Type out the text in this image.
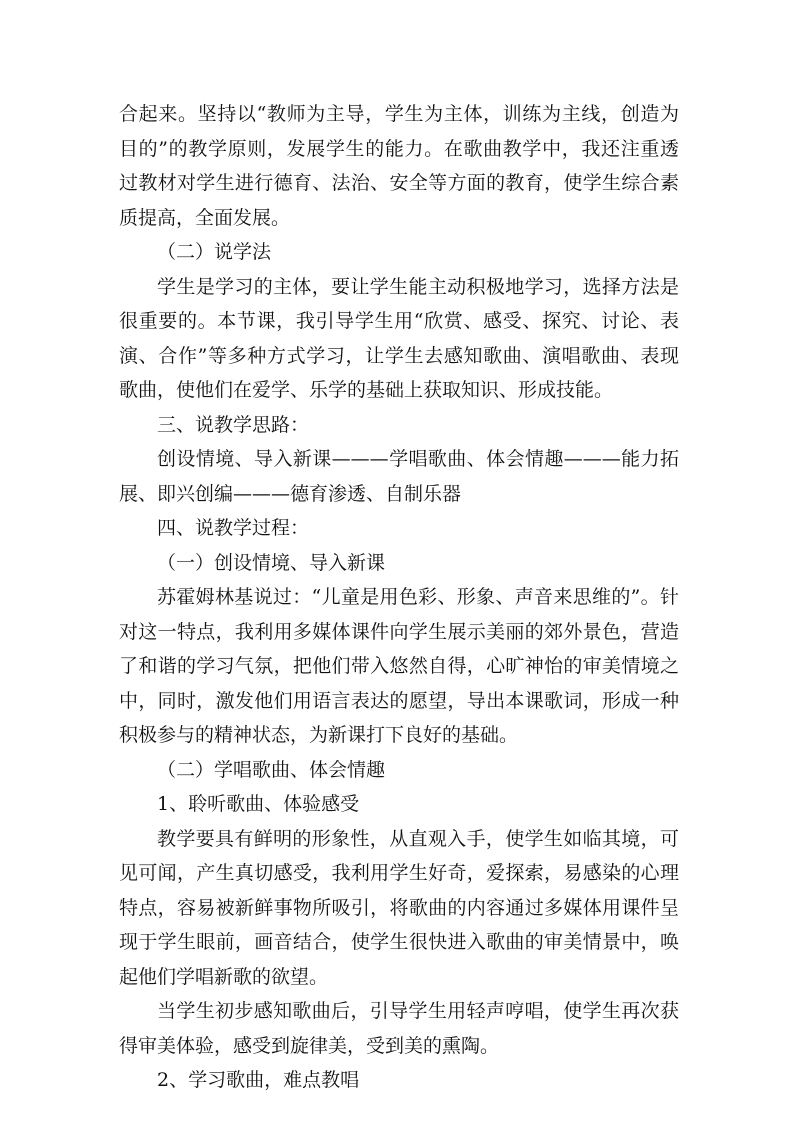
合起来。坚持以“教师为主导，学生为主体，训练为主线，创造为目的”的教学原则，发展学生的能力。在歌曲教学中，我还注重透过教材对学生进行德育、法治、安全等方面的教育，使学生综合素质提高，全面发展。

（二）说学法

学生是学习的主体，要让学生能主动积极地学习，选择方法是很重要的。本节课，我引导学生用“欣赏、感受、探究、讨论、表演、合作”等多种方式学习，让学生去感知歌曲、演唱歌曲、表现歌曲，使他们在爱学、乐学的基础上获取知识、形成技能。

三、说教学思路：

创设情境、导入新课———学唱歌曲、体会情趣———能力拓展、即兴创编———德育渗透、自制乐器

四、说教学过程：

（一）创设情境、导入新课

苏霍姆林基说过：“儿童是用色彩、形象、声音来思维的”。针对这一特点，我利用多媒体课件向学生展示美丽的郊外景色，营造了和谐的学习气氛，把他们带入悠然自得，心旷神怡的审美情境之中，同时，激发他们用语言表达的愿望，导出本课歌词，形成一种积极参与的精神状态，为新课打下良好的基础。

（二）学唱歌曲、体会情趣

1、聆听歌曲、体验感受

教学要具有鲜明的形象性，从直观入手，使学生如临其境，可见可闻，产生真切感受，我利用学生好奇，爱探索，易感染的心理特点，容易被新鲜事物所吸引，将歌曲的内容通过多媒体用课件呈现于学生眼前，画音结合，使学生很快进入歌曲的审美情景中，唤起他们学唱新歌的欲望。

当学生初步感知歌曲后，引导学生用轻声哼唱，使学生再次获得审美体验，感受到旋律美，受到美的熏陶。

2、学习歌曲，难点教唱
